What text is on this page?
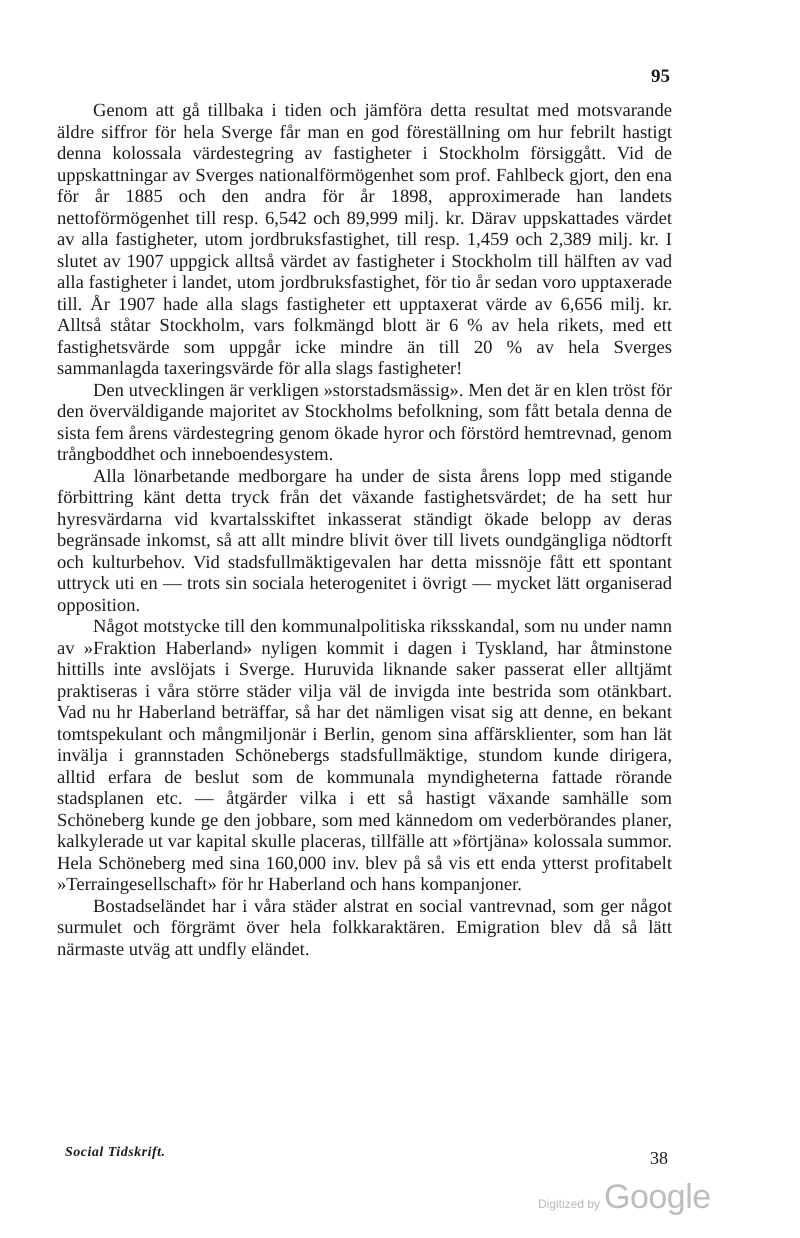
95

Genom att gå tillbaka i tiden och jämföra detta resultat med motsvarande äldre siffror för hela Sverge får man en god föreställning om hur febrilt hastigt denna kolossala värdestegring av fastigheter i Stockholm försiggått. Vid de uppskattningar av Sverges nationalförmögenhet som prof. Fahlbeck gjort, den ena för år 1885 och den andra för år 1898, approximerade han landets nettoförmögenhet till resp. 6,542 och 89,999 milj. kr. Därav uppskattades värdet av alla fastigheter, utom jordbruksfastighet, till resp. 1,459 och 2,389 milj. kr. I slutet av 1907 uppgick alltså värdet av fastigheter i Stockholm till hälften av vad alla fastigheter i landet, utom jordbruksfastighet, för tio år sedan voro upptaxerade till. År 1907 hade alla slags fastigheter ett upptaxerat värde av 6,656 milj. kr. Alltså ståtar Stockholm, vars folkmängd blott är 6 % av hela rikets, med ett fastighetsvärde som uppgår icke mindre än till 20 % av hela Sverges sammanlagda taxeringsvärde för alla slags fastigheter!

Den utvecklingen är verkligen »storstadsmässig». Men det är en klen tröst för den överväldigande majoritet av Stockholms befolkning, som fått betala denna de sista fem årens värdestegring genom ökade hyror och förstörd hemtrevnad, genom trångboddhet och inneboendesystem.

Alla lönarbetande medborgare ha under de sista årens lopp med stigande förbittring känt detta tryck från det växande fastighetsvärdet; de ha sett hur hyresvärdarna vid kvartalsskiftet inkasserat ständigt ökade belopp av deras begränsade inkomst, så att allt mindre blivit över till livets oundgängliga nödtorft och kulturbehov. Vid stadsfullmäktigevalen har detta missnöje fått ett spontant uttryck uti en — trots sin sociala heterogenitet i övrigt — mycket lätt organiserad opposition.

Något motstycke till den kommunalpolitiska riksskandal, som nu under namn av »Fraktion Haberland» nyligen kommit i dagen i Tyskland, har åtminstone hittills inte avslöjats i Sverge. Huruvida liknande saker passerat eller alltjämt praktiseras i våra större städer vilja väl de invigda inte bestrida som otänkbart. Vad nu hr Haberland beträffar, så har det nämligen visat sig att denne, en bekant tomtspekulant och mångmiljonär i Berlin, genom sina affärsklienter, som han lät invälja i grannstaden Schönebergs stadsfullmäktige, stundom kunde dirigera, alltid erfara de beslut som de kommunala myndigheterna fattade rörande stadsplanen etc. — åtgärder vilka i ett så hastigt växande samhälle som Schöneberg kunde ge den jobbare, som med kännedom om vederbörandes planer, kalkylerade ut var kapital skulle placeras, tillfälle att »förtjäna» kolossala summor. Hela Schöneberg med sina 160,000 inv. blev på så vis ett enda ytterst profitabelt »Terraingesellschaft» för hr Haberland och hans kompanjoner.

Bostadseländet har i våra städer alstrat en social vantrevnad, som ger något surmulet och förgrämt över hela folkkaraktären. Emigration blev då så lätt närmaste utväg att undfly eländet.

Social Tidskrift.	38
Digitized by Google
